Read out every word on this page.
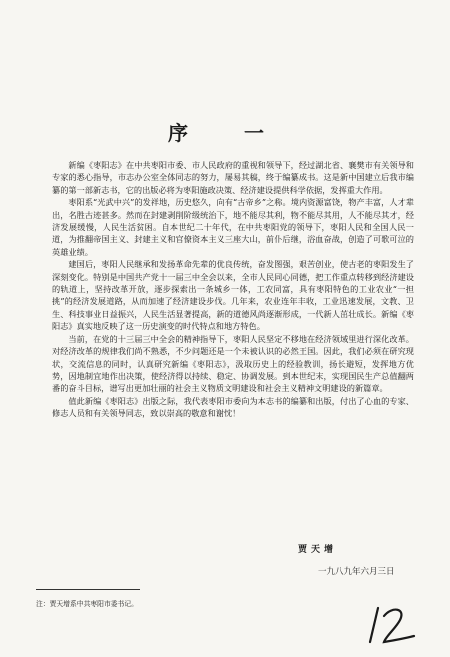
序　一

新编《枣阳志》在中共枣阳市委、市人民政府的重视和领导下，经过湖北省、襄樊市有关领导和专家的悉心指导，市志办公室全体同志的努力，屡易其稿，终于编纂成书。这是新中国建立后我市编纂的第一部新志书，它的出版必将为枣阳施政决策、经济建设提供科学依据，发挥重大作用。

枣阳系“光武中兴”的发祥地，历史悠久，向有“古帝乡”之称。境内资源富饶，物产丰富，人才辈出，名胜古迹甚多。然而在封建剥削阶级统治下，地不能尽其利，物不能尽其用，人不能尽其才，经济发展缓慢，人民生活贫困。自本世纪二十年代，在中共枣阳党的领导下，枣阳人民和全国人民一道，为推翻帝国主义、封建主义和官僚资本主义三座大山，前仆后继，浴血奋战，创造了可歌可泣的英雄业绩。

建国后，枣阳人民继承和发扬革命先辈的优良传统，奋发图强，艰苦创业，使古老的枣阳发生了深刻变化。特别是中国共产党十一届三中全会以来，全市人民同心同德，把工作重点转移到经济建设的轨道上，坚持改革开放，逐步探索出一条城乡一体，工农同富，具有枣阳特色的工业农业“一担挑”的经济发展道路，从而加速了经济建设步伐。几年来，农业连年丰收，工业迅速发展，文教、卫生、科技事业日益振兴，人民生活显著提高，新的道德风尚逐渐形成，一代新人茁壮成长。新编《枣阳志》真实地反映了这一历史演变的时代特点和地方特色。

当前，在党的十三届三中全会的精神指导下，枣阳人民坚定不移地在经济领域里进行深化改革。对经济改革的规律我们尚不熟悉，不少问题还是一个未被认识的必然王国。因此，我们必须在研究现状，交流信息的同时，认真研究新编《枣阳志》，汲取历史上的经验教训，扬长避短，发挥地方优势，因地制宜地作出决策，使经济得以持续、稳定、协调发展。到本世纪末，实现国民生产总值翻两番的奋斗目标，谱写出更加壮丽的社会主义物质文明建设和社会主义精神文明建设的新篇章。

值此新编《枣阳志》出版之际，我代表枣阳市委向为本志书的编纂和出版，付出了心血的专家、修志人员和有关领导同志，致以崇高的敬意和谢忱！

贾天增
一九八九年六月三日
注：贾天增系中共枣阳市委书记。
